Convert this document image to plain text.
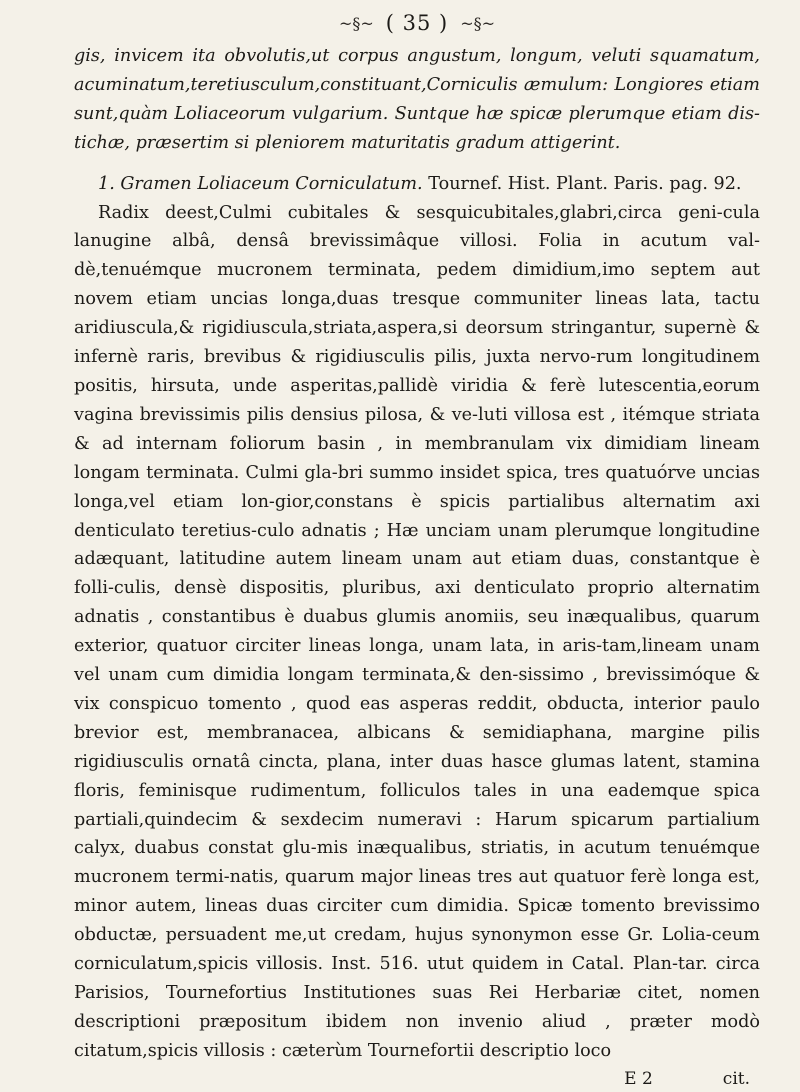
~§~ ( 35 ) ~§~

gis, invicem ita obvolutis,ut corpus angustum, longum, veluti squamatum, acuminatum,teretiusculum,constituant,Corniculis æmulum: Longiores etiam sunt,quàm Loliaceorum vulgarium. Suntque hæ spicæ plerumque etiam dis-tichæ, præsertim si pleniorem maturitatis gradum attigerint.

1. Gramen Loliaceum Corniculatum. Tournef. Hist. Plant. Paris. pag. 92.

Radix deest,Culmi cubitales & sesquicubitales,glabri,circa geni-cula lanugine albâ, densâ brevissimâque villosi. Folia in acutum val-dè,tenuémque mucronem terminata, pedem dimidium,imo septem aut novem etiam uncias longa,duas tresque communiter lineas lata, tactu aridiuscula,& rigidiuscula,striata,aspera,si deorsum stringantur, supernè & infernè raris, brevibus & rigidiusculis pilis, juxta nervo-rum longitudinem positis, hirsuta, unde asperitas,pallidè viridia & ferè lutescentia,eorum vagina brevissimis pilis densius pilosa, & ve-luti villosa est , itémque striata & ad internam foliorum basin , in membranulam vix dimidiam lineam longam terminata. Culmi gla-bri summo insidet spica, tres quatuórve uncias longa,vel etiam lon-gior,constans è spicis partialibus alternatim axi denticulato teretius-culo adnatis ; Hæ unciam unam plerumque longitudine adæquant, latitudine autem lineam unam aut etiam duas, constantque è folli-culis, densè dispositis, pluribus, axi denticulato proprio alternatim adnatis , constantibus è duabus glumis anomiis, seu inæqualibus, quarum exterior, quatuor circiter lineas longa, unam lata, in aris-tam,lineam unam vel unam cum dimidia longam terminata,& den-sissimo , brevissimóque & vix conspicuo tomento , quod eas asperas reddit, obducta, interior paulo brevior est, membranacea, albicans & semidiaphana, margine pilis rigidiusculis ornatâ cincta, plana, inter duas hasce glumas latent, stamina floris, feminisque rudimentum, folliculos tales in una eademque spica partiali,quindecim & sexdecim numeravi : Harum spicarum partialium calyx, duabus constat glu-mis inæqualibus, striatis, in acutum tenuémque mucronem termi-natis, quarum major lineas tres aut quatuor ferè longa est, minor autem, lineas duas circiter cum dimidia. Spicæ tomento brevissimo obductæ, persuadent me,ut credam, hujus synonymon esse Gr. Lolia-ceum corniculatum,spicis villosis. Inst. 516. utut quidem in Catal. Plan-tar. circa Parisios, Tournefortius Institutiones suas Rei Herbariæ citet, nomen descriptioni præpositum ibidem non invenio aliud , præter modò citatum,spicis villosis : cæterùm Tournefortii descriptio loco

E 2	cit.
